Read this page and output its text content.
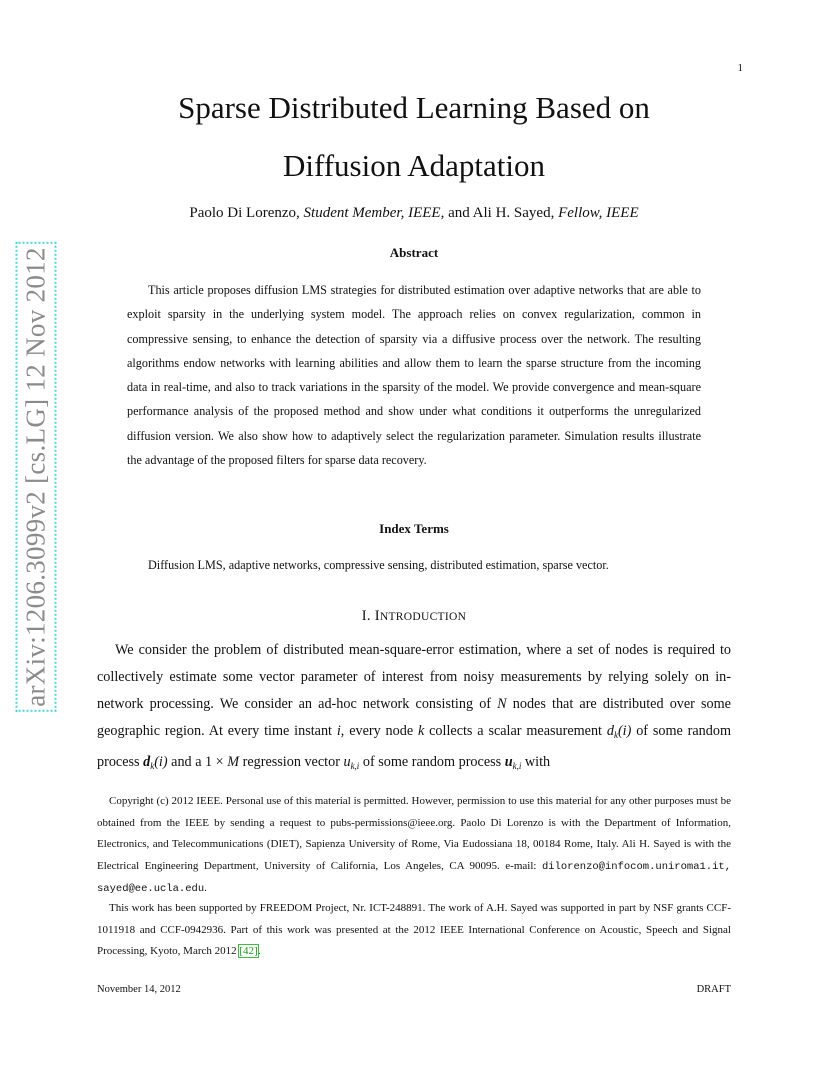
1
arXiv:1206.3099v2 [cs.LG] 12 Nov 2012
Sparse Distributed Learning Based on
Diffusion Adaptation
Paolo Di Lorenzo, Student Member, IEEE, and Ali H. Sayed, Fellow, IEEE
Abstract
This article proposes diffusion LMS strategies for distributed estimation over adaptive networks that are able to exploit sparsity in the underlying system model. The approach relies on convex regularization, common in compressive sensing, to enhance the detection of sparsity via a diffusive process over the network. The resulting algorithms endow networks with learning abilities and allow them to learn the sparse structure from the incoming data in real-time, and also to track variations in the sparsity of the model. We provide convergence and mean-square performance analysis of the proposed method and show under what conditions it outperforms the unregularized diffusion version. We also show how to adaptively select the regularization parameter. Simulation results illustrate the advantage of the proposed filters for sparse data recovery.
Index Terms
Diffusion LMS, adaptive networks, compressive sensing, distributed estimation, sparse vector.
I. INTRODUCTION
We consider the problem of distributed mean-square-error estimation, where a set of nodes is required to collectively estimate some vector parameter of interest from noisy measurements by relying solely on in-network processing. We consider an ad-hoc network consisting of N nodes that are distributed over some geographic region. At every time instant i, every node k collects a scalar measurement $d_k(i)$ of some random process $d_k(i)$ and a 1 × M regression vector $u_{k,i}$ of some random process $u_{k,i}$ with
Copyright (c) 2012 IEEE. Personal use of this material is permitted. However, permission to use this material for any other purposes must be obtained from the IEEE by sending a request to pubs-permissions@ieee.org. Paolo Di Lorenzo is with the Department of Information, Electronics, and Telecommunications (DIET), Sapienza University of Rome, Via Eudossiana 18, 00184 Rome, Italy. Ali H. Sayed is with the Electrical Engineering Department, University of California, Los Angeles, CA 90095. e-mail: dilorenzo@infocom.uniroma1.it, sayed@ee.ucla.edu.
This work has been supported by FREEDOM Project, Nr. ICT-248891. The work of A.H. Sayed was supported in part by NSF grants CCF-1011918 and CCF-0942936. Part of this work was presented at the 2012 IEEE International Conference on Acoustic, Speech and Signal Processing, Kyoto, March 2012 [42].
November 14, 2012	DRAFT
